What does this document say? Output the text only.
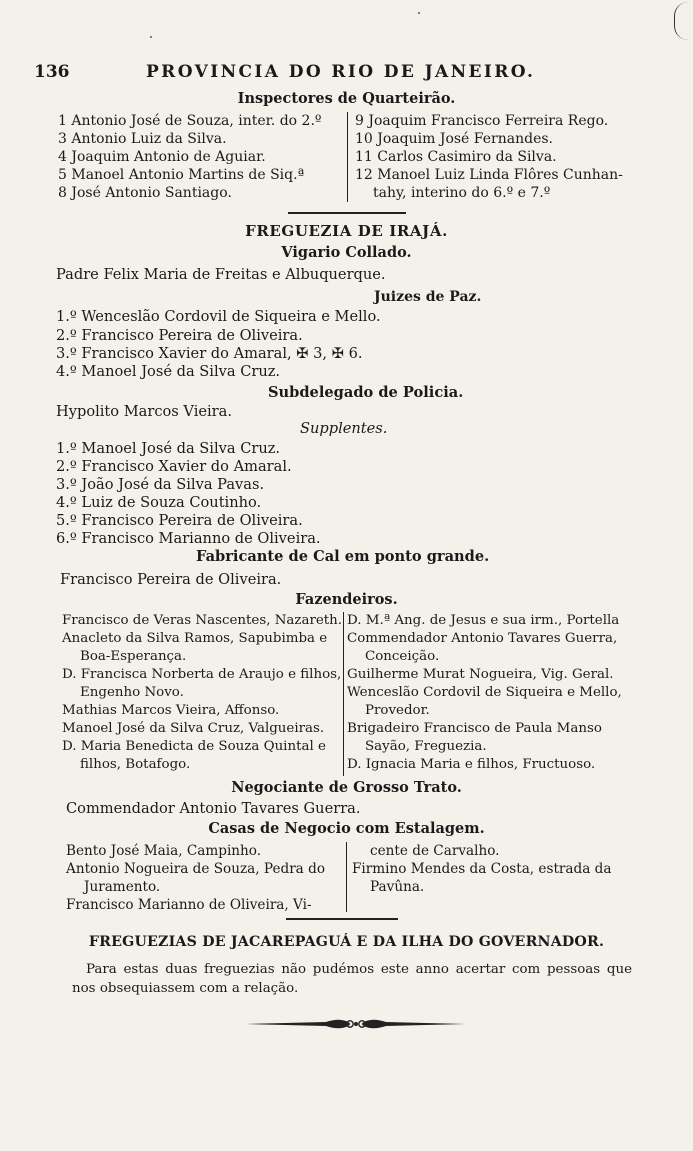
136	PROVINCIA DO RIO DE JANEIRO.
Inspectores de Quarteirão.
1 Antonio José de Souza, inter. do 2.º
3 Antonio Luiz da Silva.
4 Joaquim Antonio de Aguiar.
5 Manoel Antonio Martins de Siq.ª
8 José Antonio Santiago.
9 Joaquim Francisco Ferreira Rego.
10 Joaquim José Fernandes.
11 Carlos Casimiro da Silva.
12 Manoel Luiz Linda Flôres Cunhan-
tahy, interino do 6.º e 7.º
FREGUEZIA DE IRAJÁ.
Vigario Collado.
Padre Felix Maria de Freitas e Albuquerque.
Juizes de Paz.
1.º Wenceslão Cordovil de Siqueira e Mello.
2.º Francisco Pereira de Oliveira.
3.º Francisco Xavier do Amaral, ✠ 3, ✠ 6.
4.º Manoel José da Silva Cruz.
Subdelegado de Policia.
Hypolito Marcos Vieira.
Supplentes.
1.º Manoel José da Silva Cruz.
2.º Francisco Xavier do Amaral.
3.º João José da Silva Pavas.
4.º Luiz de Souza Coutinho.
5.º Francisco Pereira de Oliveira.
6.º Francisco Marianno de Oliveira.
Fabricante de Cal em ponto grande.
Francisco Pereira de Oliveira.
Fazendeiros.
Francisco de Veras Nascentes, Nazareth.
Anacleto da Silva Ramos, Sapubimba e
Boa-Esperança.
D. Francisca Norberta de Araujo e filhos,
Engenho Novo.
Mathias Marcos Vieira, Affonso.
Manoel José da Silva Cruz, Valgueiras.
D. Maria Benedicta de Souza Quintal e
filhos, Botafogo.
D. M.ª Ang. de Jesus e sua irm., Portella
Commendador Antonio Tavares Guerra,
Conceição.
Guilherme Murat Nogueira, Vig. Geral.
Wenceslão Cordovil de Siqueira e Mello,
Provedor.
Brigadeiro Francisco de Paula Manso
Sayão, Freguezia.
D. Ignacia Maria e filhos, Fructuoso.
Negociante de Grosso Trato.
Commendador Antonio Tavares Guerra.
Casas de Negocio com Estalagem.
Bento José Maia, Campinho.
Antonio Nogueira de Souza, Pedra do
Juramento.
Francisco Marianno de Oliveira, Vi-
cente de Carvalho.
Firmino Mendes da Costa, estrada da
Pavûna.
FREGUEZIAS DE JACAREPAGUÁ E DA ILHA DO GOVERNADOR.
Para estas duas freguezias não pudémos este anno acertar com pessoas que nos obsequiassem com a relação.
